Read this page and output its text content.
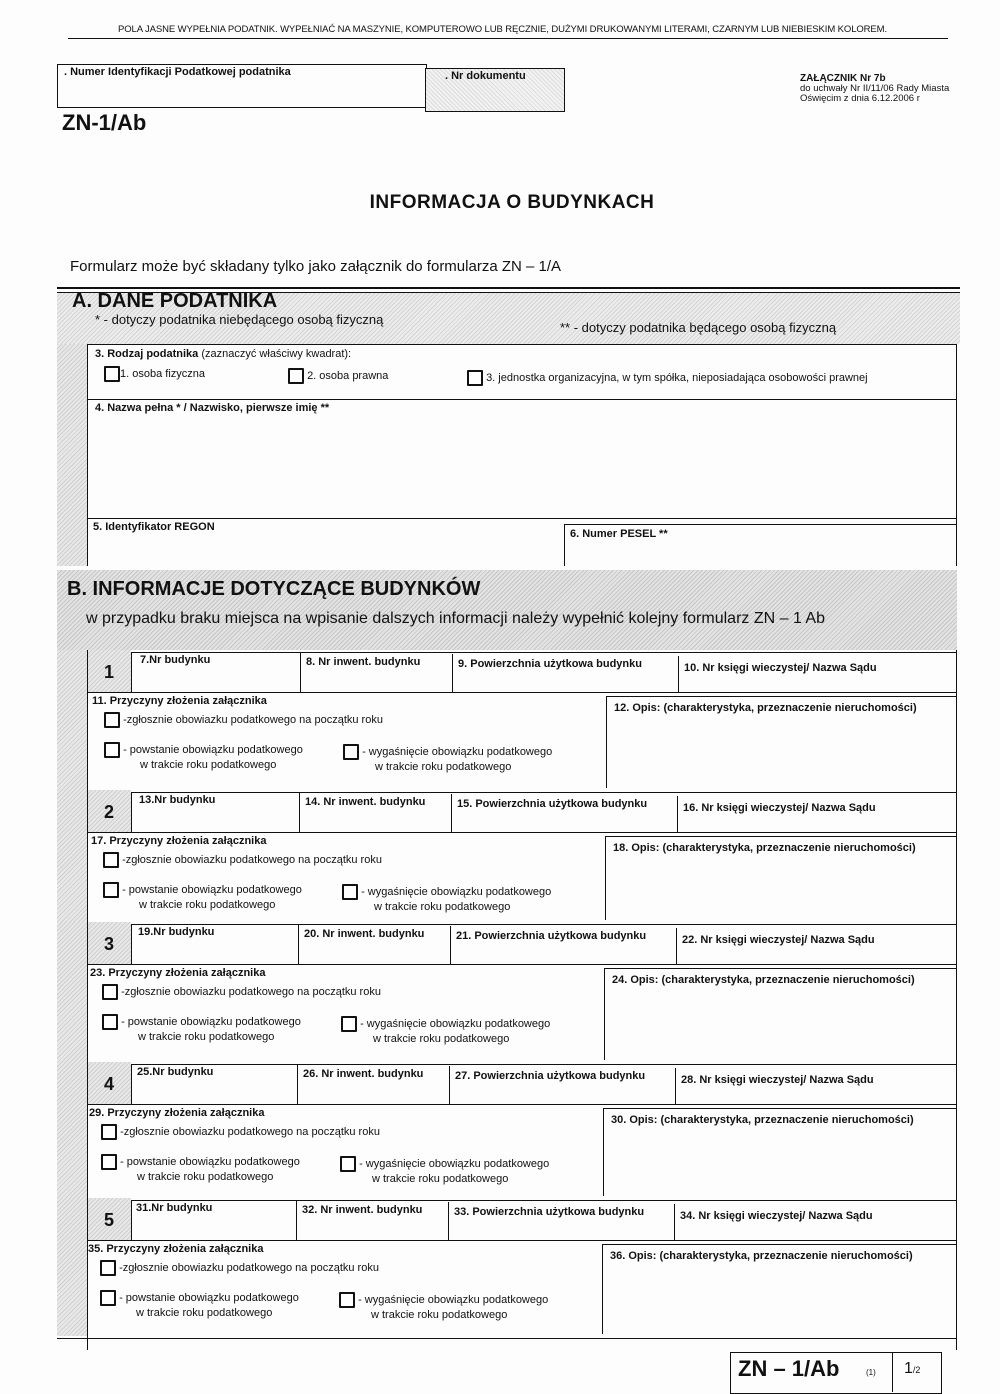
POLA JASNE WYPEŁNIA PODATNIK. WYPEŁNIAĆ NA MASZYNIE, KOMPUTEROWO LUB RĘCZNIE, DUŻYMI DRUKOWANYMI LITERAMI, CZARNYM LUB NIEBIESKIM KOLOREM.
. Numer Identyfikacji Podatkowej podatnika	. Nr dokumentu	ZAŁĄCZNIK Nr 7b
do uchwały Nr II/11/06 Rady Miasta
Oświęcim z dnia 6.12.2006 r
ZN-1/Ab
INFORMACJA O BUDYNKACH
Formularz może być składany tylko jako załącznik do formularza ZN – 1/A
A. DANE PODATNIKA
* - dotyczy podatnika niebędącego osobą fizyczną
** - dotyczy podatnika będącego osobą fizyczną
3. Rodzaj podatnika (zaznaczyć właściwy kwadrat):
1. osoba fizyczna	2. osoba prawna	3. jednostka organizacyjna, w tym spółka, nieposiadająca osobowości prawnej
4. Nazwa pełna * / Nazwisko, pierwsze imię **
5. Identyfikator REGON
6. Numer PESEL **
B. INFORMACJE DOTYCZĄCE BUDYNKÓW
w przypadku braku miejsca na wpisanie dalszych informacji należy wypełnić kolejny formularz ZN – 1 Ab
1
7.Nr budynku	8. Nr inwent. budynku	9. Powierzchnia użytkowa budynku	10. Nr księgi wieczystej/ Nazwa Sądu
11. Przyczyny złożenia załącznika
12. Opis: (charakterystyka, przeznaczenie nieruchomości)
-zgłosznie obowiazku podatkowego na początku roku
- powstanie obowiązku podatkowego
w trakcie roku podatkowego
- wygaśnięcie obowiązku podatkowego
w trakcie roku podatkowego
2
13.Nr budynku	14. Nr inwent. budynku	15. Powierzchnia użytkowa budynku	16. Nr księgi wieczystej/ Nazwa Sądu
17. Przyczyny złożenia załącznika
18. Opis: (charakterystyka, przeznaczenie nieruchomości)
-zgłosznie obowiazku podatkowego na początku roku
- powstanie obowiązku podatkowego
w trakcie roku podatkowego
- wygaśnięcie obowiązku podatkowego
w trakcie roku podatkowego
3
19.Nr budynku	20. Nr inwent. budynku	21. Powierzchnia użytkowa budynku	22. Nr księgi wieczystej/ Nazwa Sądu
23. Przyczyny złożenia załącznika
24. Opis: (charakterystyka, przeznaczenie nieruchomości)
-zgłosznie obowiazku podatkowego na początku roku
- powstanie obowiązku podatkowego
w trakcie roku podatkowego
- wygaśnięcie obowiązku podatkowego
w trakcie roku podatkowego
4
25.Nr budynku	26. Nr inwent. budynku	27. Powierzchnia użytkowa budynku	28. Nr księgi wieczystej/ Nazwa Sądu
29. Przyczyny złożenia załącznika
30. Opis: (charakterystyka, przeznaczenie nieruchomości)
-zgłosznie obowiazku podatkowego na początku roku
- powstanie obowiązku podatkowego
w trakcie roku podatkowego
- wygaśnięcie obowiązku podatkowego
w trakcie roku podatkowego
5
31.Nr budynku	32. Nr inwent. budynku	33. Powierzchnia użytkowa budynku	34. Nr księgi wieczystej/ Nazwa Sądu
35. Przyczyny złożenia załącznika
36. Opis: (charakterystyka, przeznaczenie nieruchomości)
-zgłosznie obowiazku podatkowego na początku roku
- powstanie obowiązku podatkowego
w trakcie roku podatkowego
- wygaśnięcie obowiązku podatkowego
w trakcie roku podatkowego
ZN – 1/Ab	(1) 1/2
